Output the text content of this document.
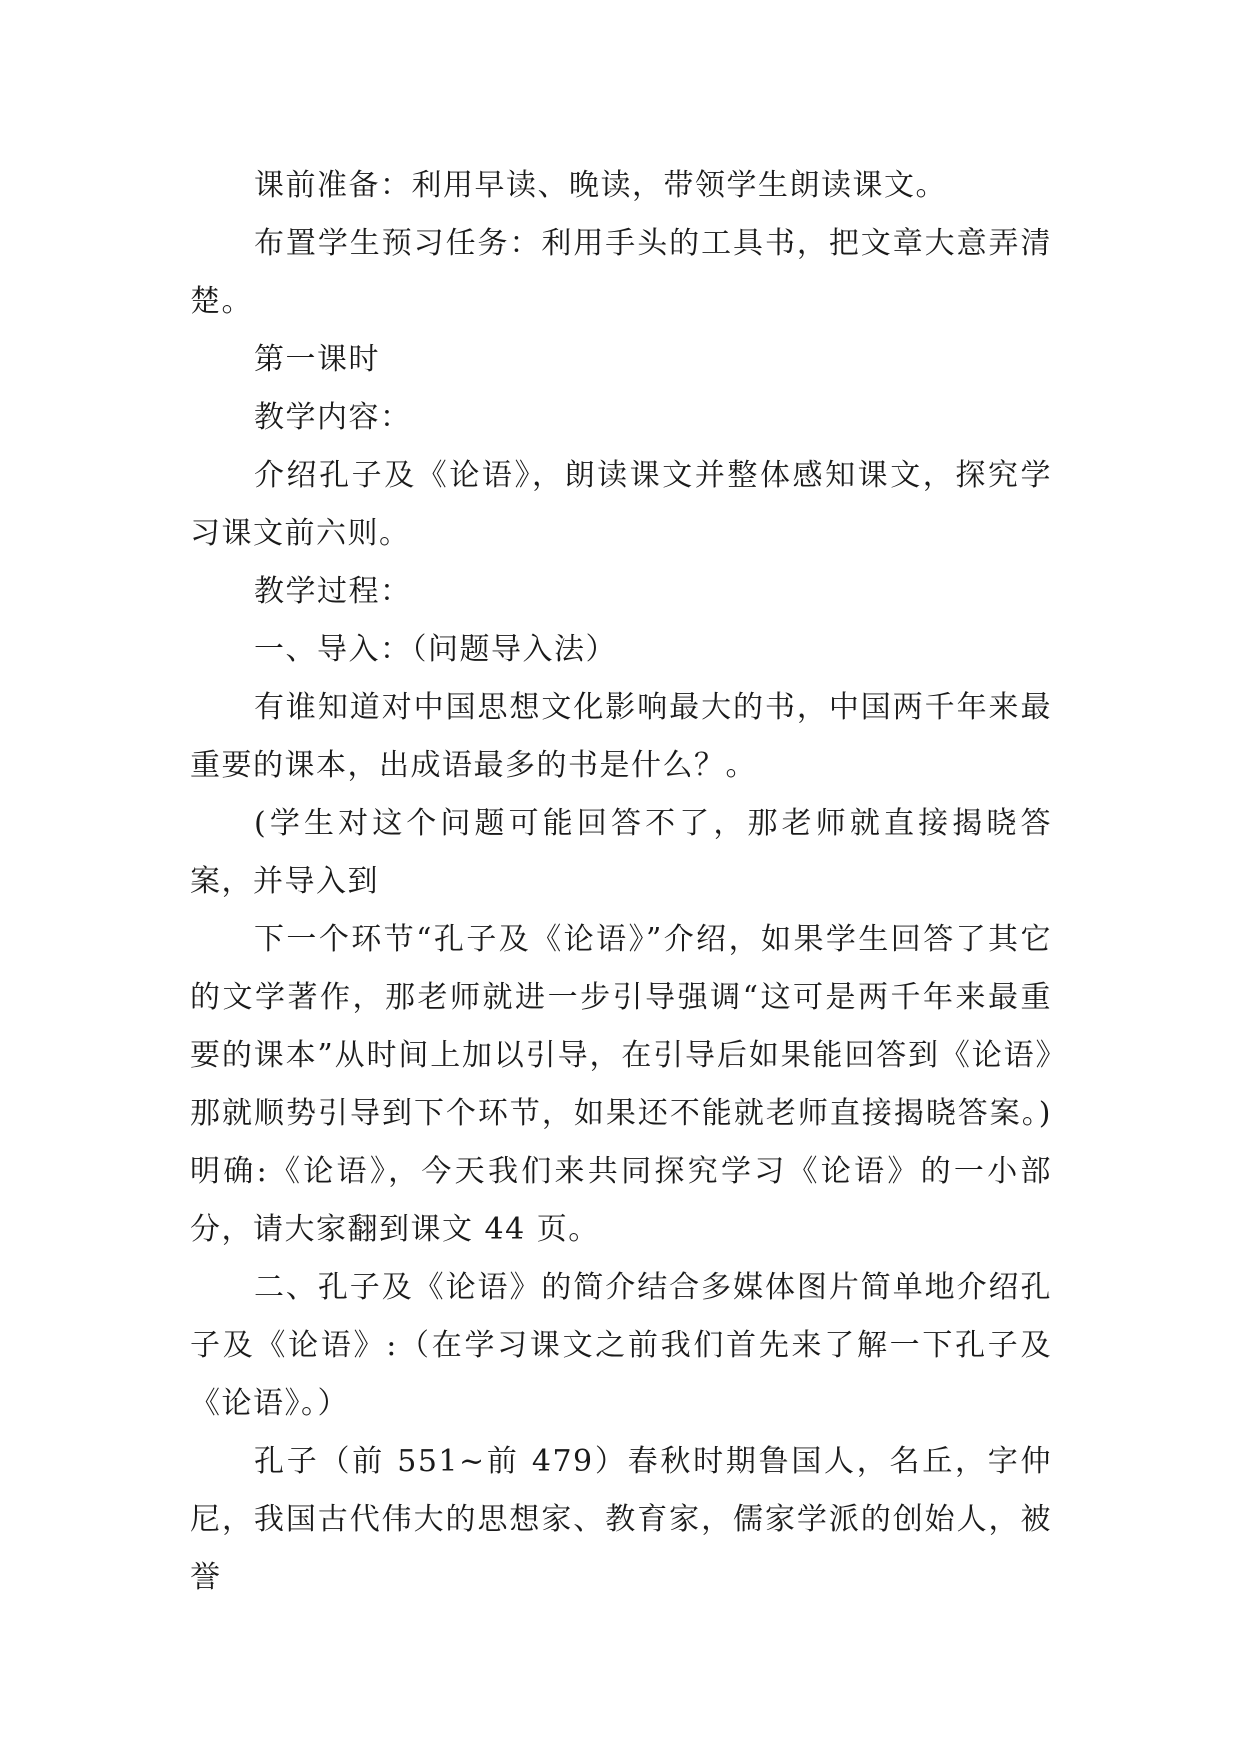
课前准备：利用早读、晚读，带领学生朗读课文。

布置学生预习任务：利用手头的工具书，把文章大意弄清楚。

第一课时

教学内容：

介绍孔子及《论语》，朗读课文并整体感知课文，探究学习课文前六则。

教学过程：

一、导入：（问题导入法）

有谁知道对中国思想文化影响最大的书，中国两千年来最重要的课本，出成语最多的书是什么？。

(学生对这个问题可能回答不了，那老师就直接揭晓答案，并导入到

下一个环节“孔子及《论语》”介绍，如果学生回答了其它的文学著作，那老师就进一步引导强调“这可是两千年来最重要的课本”从时间上加以引导，在引导后如果能回答到《论语》那就顺势引导到下个环节，如果还不能就老师直接揭晓答案。)明确:《论语》，今天我们来共同探究学习《论语》的一小部分，请大家翻到课文 44 页。

二、孔子及《论语》的简介结合多媒体图片简单地介绍孔子及《论语》:（在学习课文之前我们首先来了解一下孔子及《论语》。）

孔子（前 551~前 479）春秋时期鲁国人，名丘，字仲尼，我国古代伟大的思想家、教育家，儒家学派的创始人，被誉
